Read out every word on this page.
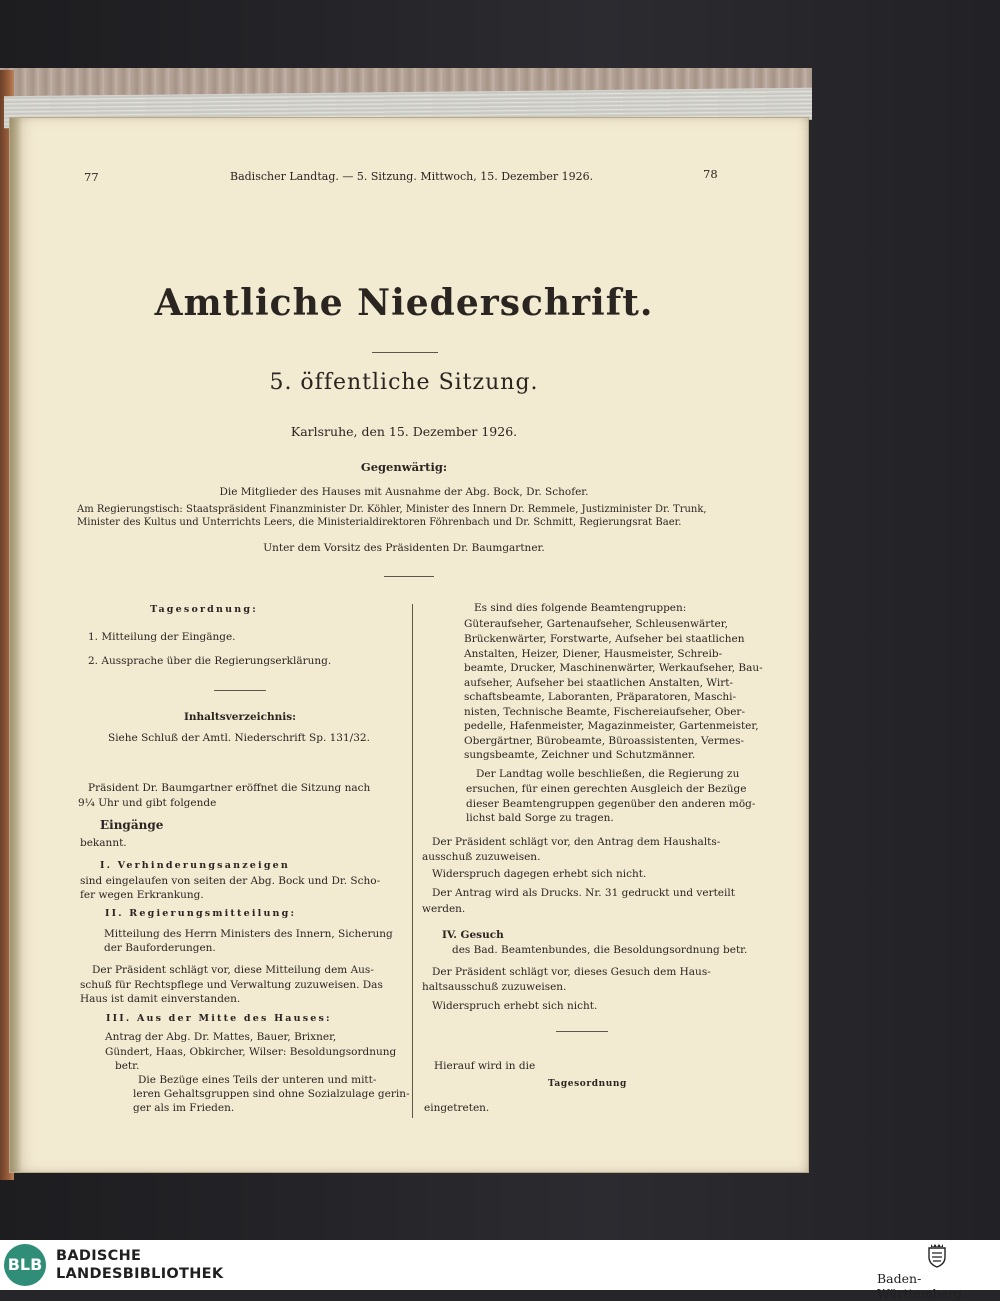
77	Badischer Landtag. — 5. Sitzung. Mittwoch, 15. Dezember 1926.	78
Amtliche Niederschrift.
5. öffentliche Sitzung.
Karlsruhe, den 15. Dezember 1926.
Gegenwärtig:
Die Mitglieder des Hauses mit Ausnahme der Abg. Bock, Dr. Schofer.
Am Regierungstisch: Staatspräsident Finanzminister Dr. Köhler, Minister des Innern Dr. Remmele, Justizminister Dr. Trunk,
Minister des Kultus und Unterrichts Leers, die Ministerialdirektoren Föhrenbach und Dr. Schmitt, Regierungsrat Baer.
Unter dem Vorsitz des Präsidenten Dr. Baumgartner.
Tagesordnung:
1. Mitteilung der Eingänge.
2. Aussprache über die Regierungserklärung.
Inhaltsverzeichnis:
Siehe Schluß der Amtl. Niederschrift Sp. 131/32.
Präsident Dr. Baumgartner eröffnet die Sitzung nach
9¼ Uhr und gibt folgende
Eingänge
bekannt.
I. Verhinderungsanzeigen
sind eingelaufen von seiten der Abg. Bock und Dr. Scho-
fer wegen Erkrankung.
II. Regierungsmitteilung:
Mitteilung des Herrn Ministers des Innern, Sicherung
der Bauforderungen.
Der Präsident schlägt vor, diese Mitteilung dem Aus-
schuß für Rechtspflege und Verwaltung zuzuweisen. Das
Haus ist damit einverstanden.
III. Aus der Mitte des Hauses:
Antrag der Abg. Dr. Mattes, Bauer, Brixner,
Gündert, Haas, Obkircher, Wilser: Besoldungsordnung
betr.
Die Bezüge eines Teils der unteren und mitt-
leren Gehaltsgruppen sind ohne Sozialzulage gerin-
ger als im Frieden.
Es sind dies folgende Beamtengruppen:
Güteraufseher, Gartenaufseher, Schleusenwärter,
Brückenwärter, Forstwarte, Aufseher bei staatlichen
Anstalten, Heizer, Diener, Hausmeister, Schreib-
beamte, Drucker, Maschinenwärter, Werkaufseher, Bau-
aufseher, Aufseher bei staatlichen Anstalten, Wirt-
schaftsbeamte, Laboranten, Präparatoren, Maschi-
nisten, Technische Beamte, Fischereiaufseher, Ober-
pedelle, Hafenmeister, Magazinmeister, Gartenmeister,
Obergärtner, Bürobeamte, Büroassistenten, Vermes-
sungsbeamte, Zeichner und Schutzmänner.
Der Landtag wolle beschließen, die Regierung zu
ersuchen, für einen gerechten Ausgleich der Bezüge
dieser Beamtengruppen gegenüber den anderen mög-
lichst bald Sorge zu tragen.
Der Präsident schlägt vor, den Antrag dem Haushalts-
ausschuß zuzuweisen.
Widerspruch dagegen erhebt sich nicht.
Der Antrag wird als Drucks. Nr. 31 gedruckt und verteilt
werden.
IV. Gesuch
des Bad. Beamtenbundes, die Besoldungsordnung betr.
Der Präsident schlägt vor, dieses Gesuch dem Haus-
haltsausschuß zuzuweisen.
Widerspruch erhebt sich nicht.
Hierauf wird in die
Tagesordnung
eingetreten.
BLB BADISCHE
LANDESBIBLIOTHEK	Baden-Württemberg
